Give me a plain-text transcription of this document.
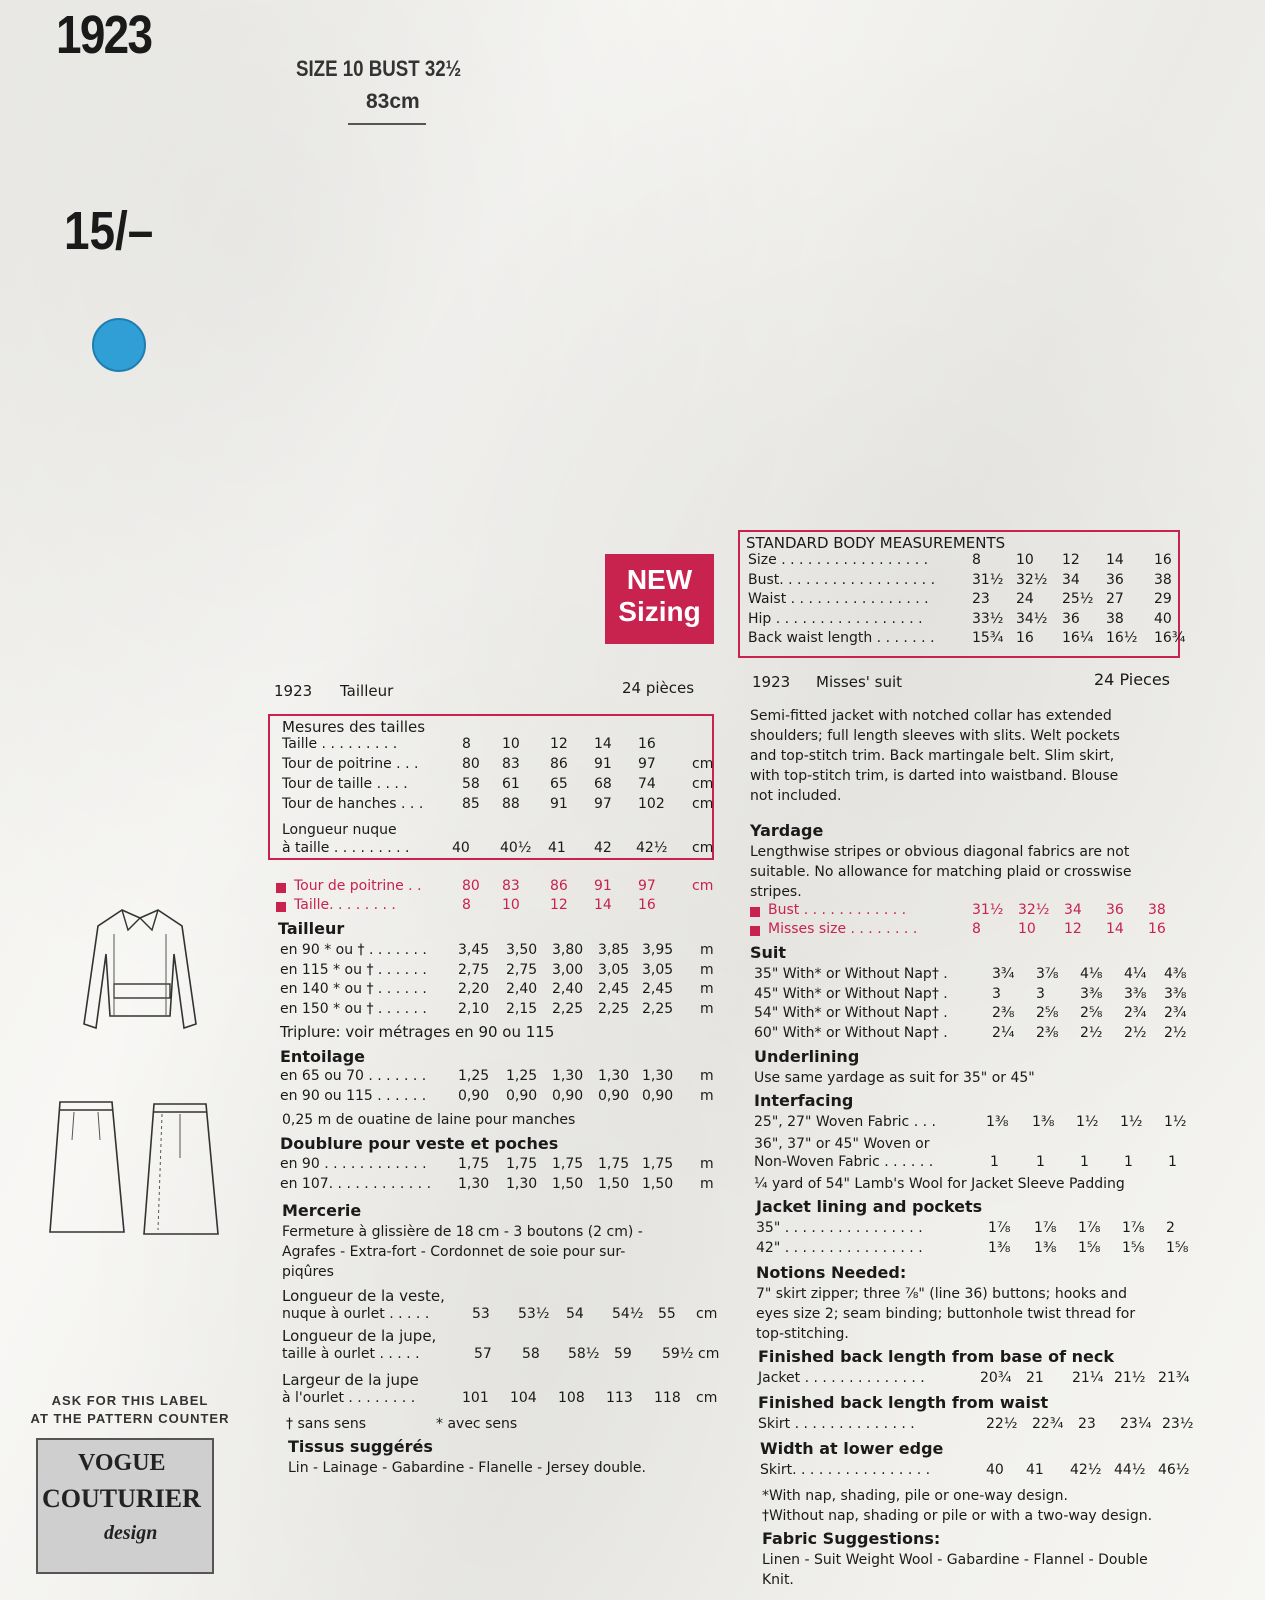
1923
SIZE 10 BUST 32½
83cm
15/–
NEW
Sizing
STANDARD BODY MEASUREMENTS
Size . . . . . . . . . . . . . . . . .	8	10 12 14 16
Bust. . . . . . . . . . . . . . . . . .	31½ 32½ 34 36 38
Waist . . . . . . . . . . . . . . . .	23 24 25½ 27 29
Hip . . . . . . . . . . . . . . . . .	33½ 34½ 36 38 40
Back waist length . . . . . . .	15¾ 16 16¼ 16½ 16¾
1923 Tailleur	24 pièces
Mesures des tailles
Taille . . . . . . . . .	8 10 12 14 16
Tour de poitrine . . .	80 83 86 91 97	cm
Tour de taille . . . .	58 61 65 68 74	cm
Tour de hanches . . .	85 88 91 97 102 cm
Longueur nuque
à taille . . . . . . . . .	40 40½ 41 42 42½ cm
Tour de poitrine . .	80 83 86 91 97	cm
Taille. . . . . . . .	8 10 12 14 16
Tailleur
en 90 * ou † . . . . . . . 3,45 3,50 3,80 3,85 3,95 m
en 115 * ou † . . . . . . 2,75 2,75 3,00 3,05 3,05 m
en 140 * ou † . . . . . . 2,20 2,40 2,40 2,45 2,45 m
en 150 * ou † . . . . . . 2,10 2,15 2,25 2,25 2,25 m
Triplure: voir métrages en 90 ou 115
Entoilage
en 65 ou 70 . . . . . . . 1,25 1,25 1,30 1,30 1,30 m
en 90 ou 115 . . . . . . 0,90 0,90 0,90 0,90 0,90 m
0,25 m de ouatine de laine pour manches
Doublure pour veste et poches
en 90 . . . . . . . . . . . . 1,75 1,75 1,75 1,75 1,75 m
en 107. . . . . . . . . . . . 1,30 1,30 1,50 1,50 1,50 m
Mercerie
Fermeture à glissière de 18 cm - 3 boutons (2 cm) -
Agrafes - Extra-fort - Cordonnet de soie pour sur-
piqûres
Longueur de la veste,
nuque à ourlet . . . . .	53 53½ 54 54½ 55 cm
Longueur de la jupe,
taille à ourlet . . . . .	57 58 58½ 59 59½ cm
Largeur de la jupe
à l'ourlet . . . . . . . .	101 104 108 113 118 cm
† sans sens	* avec sens
Tissus suggérés
Lin - Lainage - Gabardine - Flanelle - Jersey double.
1923 Misses' suit	24 Pieces
Semi-fitted jacket with notched collar has extended
shoulders; full length sleeves with slits. Welt pockets
and top-stitch trim. Back martingale belt. Slim skirt,
with top-stitch trim, is darted into waistband. Blouse
not included.
Yardage
Lengthwise stripes or obvious diagonal fabrics are not
suitable. No allowance for matching plaid or crosswise
stripes.
Bust . . . . . . . . . . . .	31½ 32½ 34 36 38
Misses size . . . . . . . .	8	10 12 14 16
Suit
35" With* or Without Nap† .	3¾ 3⅞ 4⅛ 4¼ 4⅜
45" With* or Without Nap† .	3	3	3⅜ 3⅜ 3⅜
54" With* or Without Nap† .	2⅜ 2⅝ 2⅝ 2¾ 2¾
60" With* or Without Nap† .	2¼ 2⅜ 2½ 2½ 2½
Underlining
Use same yardage as suit for 35" or 45"
Interfacing
25", 27" Woven Fabric . . .	1⅜ 1⅜ 1½ 1½ 1½
36", 37" or 45" Woven or
Non-Woven Fabric . . . . . .	1	1	1	1	1
¼ yard of 54" Lamb's Wool for Jacket Sleeve Padding
Jacket lining and pockets
35" . . . . . . . . . . . . . . . .	1⅞ 1⅞ 1⅞ 1⅞ 2
42" . . . . . . . . . . . . . . . .	1⅜ 1⅜ 1⅝ 1⅝ 1⅝
Notions Needed:
7" skirt zipper; three ⅞" (line 36) buttons; hooks and
eyes size 2; seam binding; buttonhole twist thread for
top-stitching.
Finished back length from base of neck
Jacket . . . . . . . . . . . . . .	20¾ 21 21¼ 21½ 21¾
Finished back length from waist
Skirt . . . . . . . . . . . . . .	22½ 22¾ 23 23¼ 23½
Width at lower edge
Skirt. . . . . . . . . . . . . . . .	40 41 42½ 44½ 46½
*With nap, shading, pile or one-way design.
†Without nap, shading or pile or with a two-way design.
Fabric Suggestions:
Linen - Suit Weight Wool - Gabardine - Flannel - Double
Knit.
ASK FOR THIS LABEL
AT THE PATTERN COUNTER
VOGUE
COUTURIER
design
